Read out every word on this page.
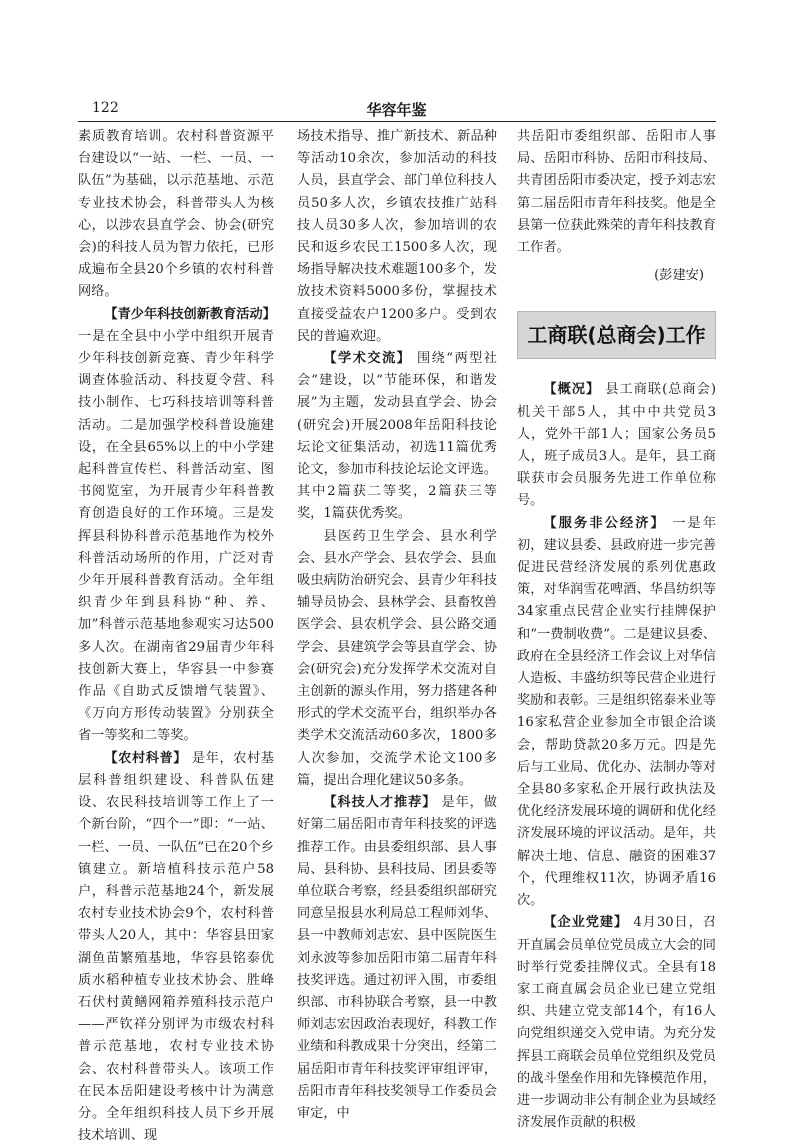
122	华容年鉴

素质教育培训。农村科普资源平台建设以“一站、一栏、一员、一队伍”为基础，以示范基地、示范专业技术协会，科普带头人为核心，以涉农县直学会、协会(研究会)的科技人员为智力依托，已形成遍布全县20个乡镇的农村科普网络。

【青少年科技创新教育活动】

一是在全县中小学中组织开展青少年科技创新竞赛、青少年科学调查体验活动、科技夏令营、科技小制作、七巧科技培训等科普活动。二是加强学校科普设施建设，在全县65%以上的中小学建起科普宣传栏、科普活动室、图书阅览室，为开展青少年科普教育创造良好的工作环境。三是发挥县科协科普示范基地作为校外科普活动场所的作用，广泛对青少年开展科普教育活动。全年组织青少年到县科协“种、养、加”科普示范基地参观实习达500多人次。在湖南省29届青少年科技创新大赛上，华容县一中参赛作品《自助式反馈增气装置》、《万向方形传动装置》分别获全省一等奖和二等奖。

【农村科普】 是年，农村基层科普组织建设、科普队伍建设、农民科技培训等工作上了一个新台阶，“四个一”即：“一站、一栏、一员、一队伍”已在20个乡镇建立。新培植科技示范户58户，科普示范基地24个，新发展农村专业技术协会9个，农村科普带头人20人，其中：华容县田家湖鱼苗繁殖基地，华容县铭泰优质水稻种植专业技术协会、胜峰石伏村黄鳝网箱养殖科技示范户——严钦祥分别评为市级农村科普示范基地，农村专业技术协会、农村科普带头人。该项工作在民本岳阳建设考核中计为满意分。全年组织科技人员下乡开展技术培训、现

场技术指导、推广新技术、新品种等活动10余次，参加活动的科技人员，县直学会、部门单位科技人员50多人次，乡镇农技推广站科技人员30多人次，参加培训的农民和返乡农民工1500多人次，现场指导解决技术难题100多个，发放技术资料5000多份，掌握技术直接受益农户1200多户。受到农民的普遍欢迎。

【学术交流】 围绕“两型社会”建设，以“节能环保，和谐发展”为主题，发动县直学会、协会(研究会)开展2008年岳阳科技论坛论文征集活动，初选11篇优秀论文，参加市科技论坛论文评选。其中2篇获二等奖，2篇获三等奖，1篇获优秀奖。

县医药卫生学会、县水利学会、县水产学会、县农学会、县血吸虫病防治研究会、县青少年科技辅导员协会、县林学会、县畜牧兽医学会、县农机学会、县公路交通学会、县建筑学会等县直学会、协会(研究会)充分发挥学术交流对自主创新的源头作用，努力搭建各种形式的学术交流平台，组织举办各类学术交流活动60多次，1800多人次参加，交流学术论文100多篇，提出合理化建议50多条。

【科技人才推荐】 是年，做好第二届岳阳市青年科技奖的评选推荐工作。由县委组织部、县人事局、县科协、县科技局、团县委等单位联合考察，经县委组织部研究同意呈报县水利局总工程师刘华、县一中教师刘志宏、县中医院医生刘永波等参加岳阳市第二届青年科技奖评选。通过初评入围，市委组织部、市科协联合考察，县一中教师刘志宏因政治表现好，科教工作业绩和科教成果十分突出，经第二届岳阳市青年科技奖评审组评审，岳阳市青年科技奖领导工作委员会审定，中

共岳阳市委组织部、岳阳市人事局、岳阳市科协、岳阳市科技局、共青团岳阳市委决定，授予刘志宏第二届岳阳市青年科技奖。他是全县第一位获此殊荣的青年科技教育工作者。

(彭建安)
工商联(总商会)工作

【概况】 县工商联(总商会)机关干部5人，其中中共党员3人，党外干部1人；国家公务员5人，班子成员3人。是年，县工商联获市会员服务先进工作单位称号。

【服务非公经济】 一是年初，建议县委、县政府进一步完善促进民营经济发展的系列优惠政策，对华润雪花啤酒、华昌纺织等34家重点民营企业实行挂牌保护和“一费制收费”。二是建议县委、政府在全县经济工作会议上对华信人造板、丰盛纺织等民营企业进行奖励和表彰。三是组织铭泰米业等16家私营企业参加全市银企洽谈会，帮助贷款20多万元。四是先后与工业局、优化办、法制办等对全县80多家私企开展行政执法及优化经济发展环境的调研和优化经济发展环境的评议活动。是年，共解决土地、信息、融资的困难37个，代理维权11次，协调矛盾16次。

【企业党建】 4月30日，召开直属会员单位党员成立大会的同时举行党委挂牌仪式。全县有18家工商直属会员企业已建立党组织、共建立党支部14个，有16人向党组织递交入党申请。为充分发挥县工商联会员单位党组织及党员的战斗堡垒作用和先锋模范作用，进一步调动非公有制企业为县域经济发展作贡献的积极
